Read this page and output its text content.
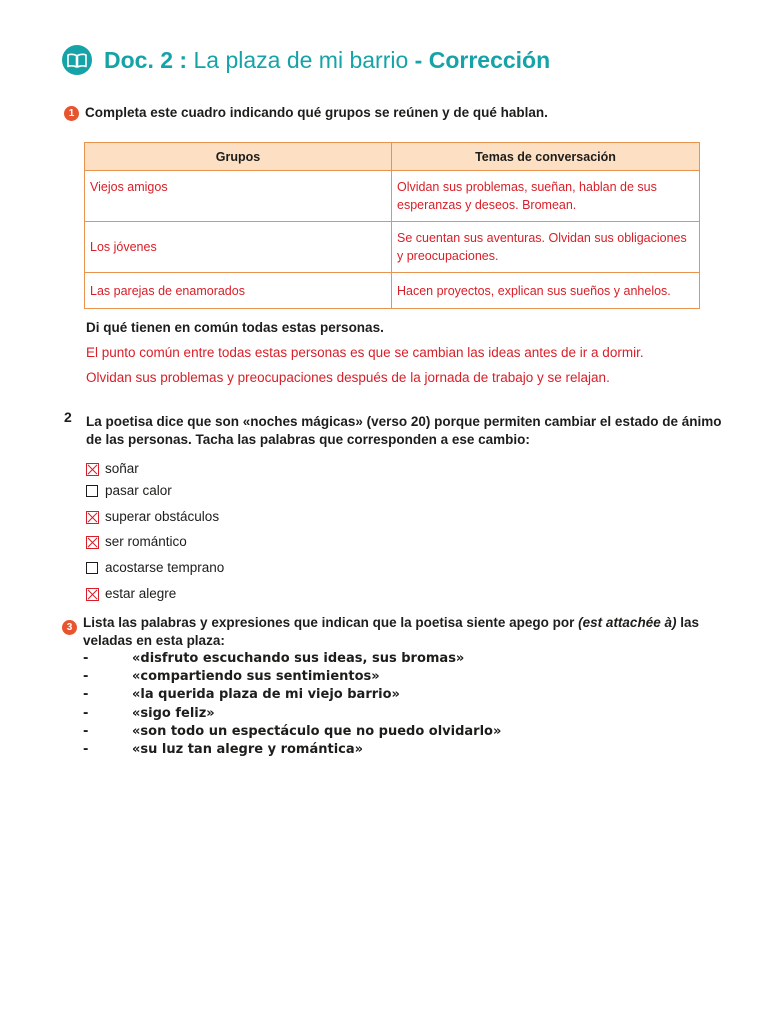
Doc. 2 : La plaza de mi barrio - Corrección
1 Completa este cuadro indicando qué grupos se reúnen y de qué hablan.
Grupos	Temas de conversación
Viejos amigos	Olvidan sus problemas, sueñan, hablan de sus esperanzas y deseos. Bromean.
Los jóvenes	Se cuentan sus aventuras. Olvidan sus obligaciones y preocupaciones.
Las parejas de enamorados	Hacen proyectos, explican sus sueños y anhelos.
Di qué tienen en común todas estas personas.
El punto común entre todas estas personas es que se cambian las ideas antes de ir a dormir.
Olvidan sus problemas y preocupaciones después de la jornada de trabajo y se relajan.
2 La poetisa dice que son «noches mágicas» (verso 20) porque permiten cambiar el estado de ánimo
de las personas. Tacha las palabras que corresponden a ese cambio:
soñar
pasar calor
superar obstáculos
ser romántico
acostarse temprano
estar alegre
3 Lista las palabras y expresiones que indican que la poetisa siente apego por (est attachée à) las
veladas en esta plaza:
-	«disfruto escuchando sus ideas, sus bromas»
-	«compartiendo sus sentimientos»
-	«la querida plaza de mi viejo barrio»
-	«sigo feliz»
-	«son todo un espectáculo que no puedo olvidarlo»
-	«su luz tan alegre y romántica»
